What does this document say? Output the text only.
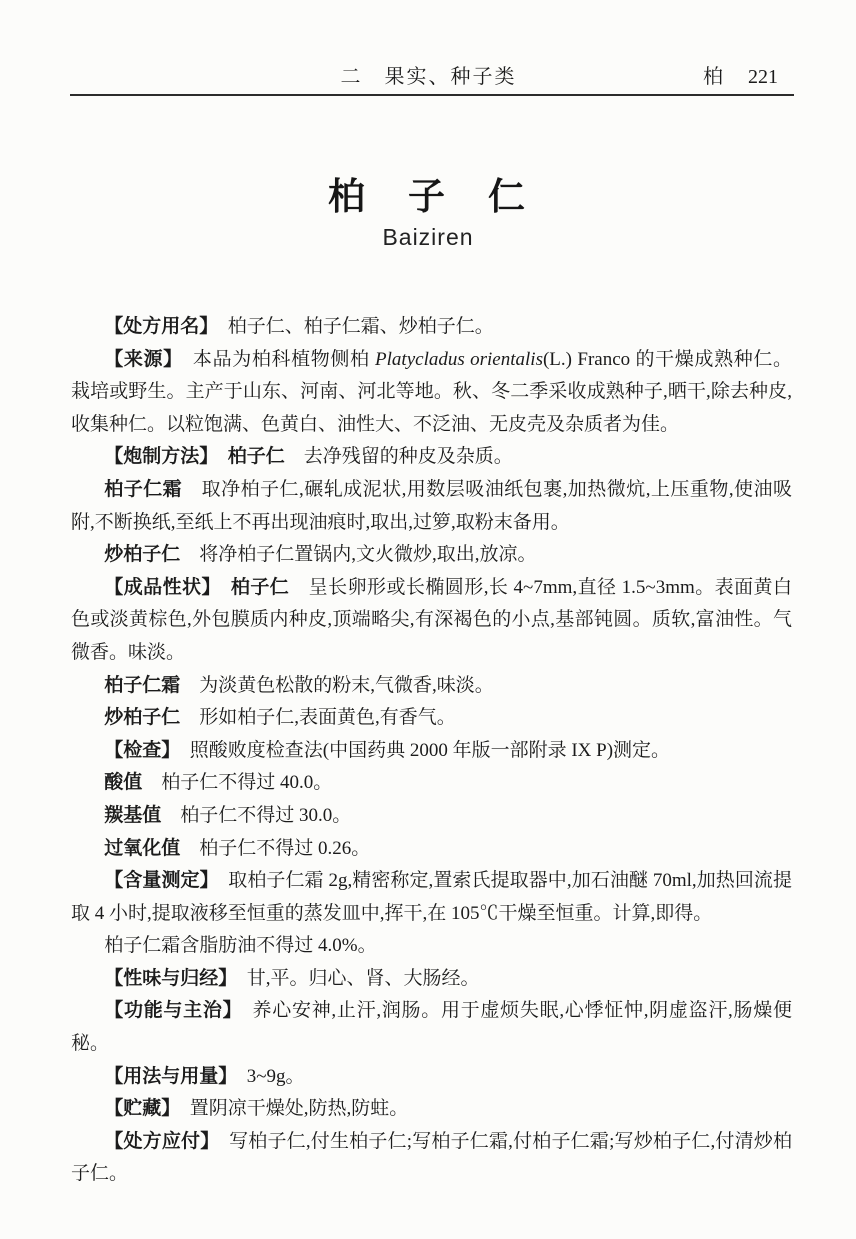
二　果实、种子类	柏 221
柏　子　仁
Baiziren

【处方用名】　柏子仁、柏子仁霜、炒柏子仁。

【来源】　本品为柏科植物侧柏 Platycladus orientalis(L.) Franco 的干燥成熟种仁。栽培或野生。主产于山东、河南、河北等地。秋、冬二季采收成熟种子,晒干,除去种皮,收集种仁。以粒饱满、色黄白、油性大、不泛油、无皮壳及杂质者为佳。

【炮制方法】　柏子仁　去净残留的种皮及杂质。

柏子仁霜　取净柏子仁,碾轧成泥状,用数层吸油纸包裹,加热微炕,上压重物,使油吸附,不断换纸,至纸上不再出现油痕时,取出,过箩,取粉末备用。

炒柏子仁　将净柏子仁置锅内,文火微炒,取出,放凉。

【成品性状】　柏子仁　呈长卵形或长椭圆形,长 4~7mm,直径 1.5~3mm。表面黄白色或淡黄棕色,外包膜质内种皮,顶端略尖,有深褐色的小点,基部钝圆。质软,富油性。气微香。味淡。

柏子仁霜　为淡黄色松散的粉末,气微香,味淡。

炒柏子仁　形如柏子仁,表面黄色,有香气。

【检查】　照酸败度检查法(中国药典 2000 年版一部附录 IX P)测定。

酸值　柏子仁不得过 40.0。

羰基值　柏子仁不得过 30.0。

过氧化值　柏子仁不得过 0.26。

【含量测定】　取柏子仁霜 2g,精密称定,置索氏提取器中,加石油醚 70ml,加热回流提取 4 小时,提取液移至恒重的蒸发皿中,挥干,在 105℃干燥至恒重。计算,即得。

柏子仁霜含脂肪油不得过 4.0%。

【性味与归经】　甘,平。归心、肾、大肠经。

【功能与主治】　养心安神,止汗,润肠。用于虚烦失眠,心悸怔忡,阴虚盗汗,肠燥便秘。

【用法与用量】　3~9g。

【贮藏】　置阴凉干燥处,防热,防蛀。

【处方应付】　写柏子仁,付生柏子仁;写柏子仁霜,付柏子仁霜;写炒柏子仁,付清炒柏子仁。
